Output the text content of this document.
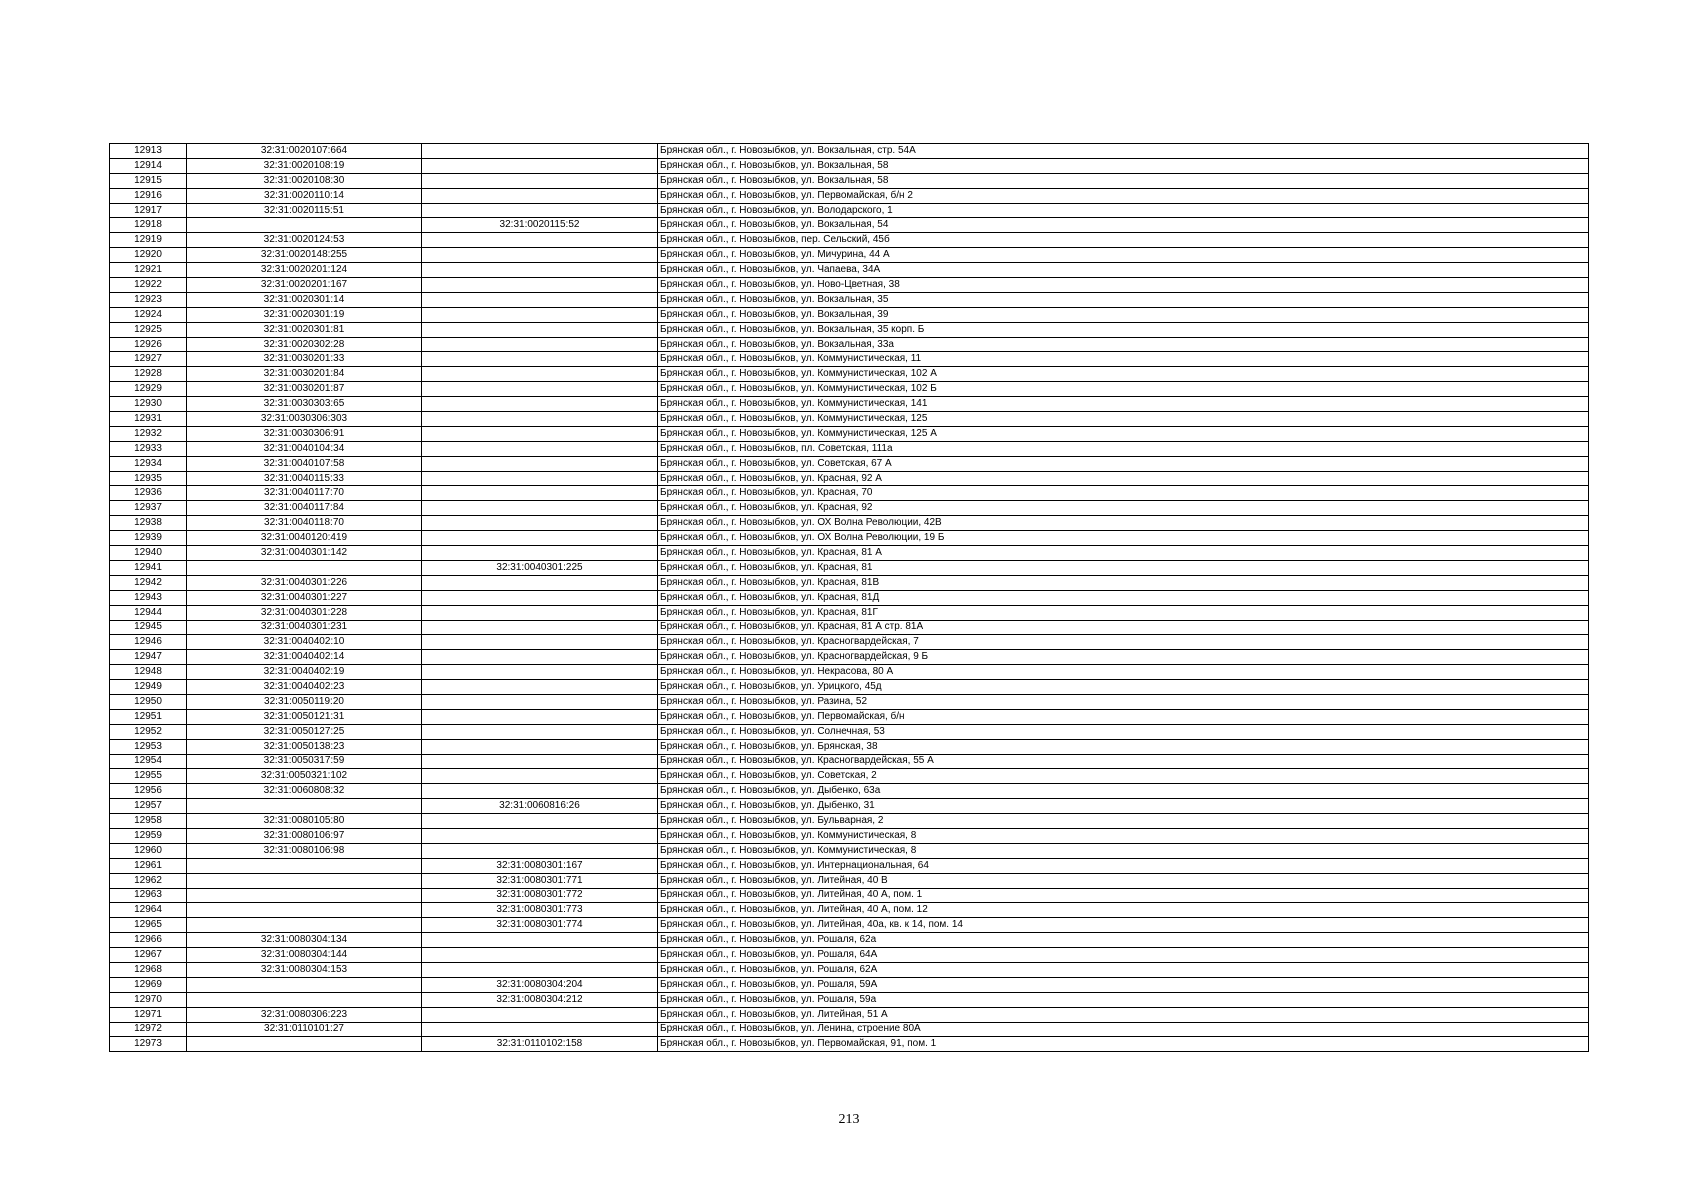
12913	32:31:0020107:664		Брянская обл., г. Новозыбков, ул. Вокзальная, стр. 54А
12914	32:31:0020108:19		Брянская обл., г. Новозыбков, ул. Вокзальная, 58
12915	32:31:0020108:30		Брянская обл., г. Новозыбков, ул. Вокзальная, 58
12916	32:31:0020110:14		Брянская обл., г. Новозыбков, ул. Первомайская, б/н 2
12917	32:31:0020115:51		Брянская обл., г. Новозыбков, ул. Володарского, 1
12918		32:31:0020115:52	Брянская обл., г. Новозыбков, ул. Вокзальная, 54
12919	32:31:0020124:53		Брянская обл., г. Новозыбков, пер. Сельский, 45б
12920	32:31:0020148:255		Брянская обл., г. Новозыбков, ул. Мичурина, 44 А
12921	32:31:0020201:124		Брянская обл., г. Новозыбков, ул. Чапаева, 34А
12922	32:31:0020201:167		Брянская обл., г. Новозыбков, ул. Ново-Цветная, 38
12923	32:31:0020301:14		Брянская обл., г. Новозыбков, ул. Вокзальная, 35
12924	32:31:0020301:19		Брянская обл., г. Новозыбков, ул. Вокзальная, 39
12925	32:31:0020301:81		Брянская обл., г. Новозыбков, ул. Вокзальная, 35 корп. Б
12926	32:31:0020302:28		Брянская обл., г. Новозыбков, ул. Вокзальная, 33а
12927	32:31:0030201:33		Брянская обл., г. Новозыбков, ул. Коммунистическая, 11
12928	32:31:0030201:84		Брянская обл., г. Новозыбков, ул. Коммунистическая, 102 А
12929	32:31:0030201:87		Брянская обл., г. Новозыбков, ул. Коммунистическая, 102 Б
12930	32:31:0030303:65		Брянская обл., г. Новозыбков, ул. Коммунистическая, 141
12931	32:31:0030306:303		Брянская обл., г. Новозыбков, ул. Коммунистическая, 125
12932	32:31:0030306:91		Брянская обл., г. Новозыбков, ул. Коммунистическая, 125 А
12933	32:31:0040104:34		Брянская обл., г. Новозыбков, пл. Советская, 111а
12934	32:31:0040107:58		Брянская обл., г. Новозыбков, ул. Советская, 67 А
12935	32:31:0040115:33		Брянская обл., г. Новозыбков, ул. Красная, 92 А
12936	32:31:0040117:70		Брянская обл., г. Новозыбков, ул. Красная, 70
12937	32:31:0040117:84		Брянская обл., г. Новозыбков, ул. Красная, 92
12938	32:31:0040118:70		Брянская обл., г. Новозыбков, ул. ОХ Волна Революции, 42В
12939	32:31:0040120:419		Брянская обл., г. Новозыбков, ул. ОХ Волна Революции, 19 Б
12940	32:31:0040301:142		Брянская обл., г. Новозыбков, ул. Красная, 81 А
12941		32:31:0040301:225	Брянская обл., г. Новозыбков, ул. Красная, 81
12942	32:31:0040301:226		Брянская обл., г. Новозыбков, ул. Красная, 81В
12943	32:31:0040301:227		Брянская обл., г. Новозыбков, ул. Красная, 81Д
12944	32:31:0040301:228		Брянская обл., г. Новозыбков, ул. Красная, 81Г
12945	32:31:0040301:231		Брянская обл., г. Новозыбков, ул. Красная, 81 А стр. 81А
12946	32:31:0040402:10		Брянская обл., г. Новозыбков, ул. Красногвардейская, 7
12947	32:31:0040402:14		Брянская обл., г. Новозыбков, ул. Красногвардейская, 9 Б
12948	32:31:0040402:19		Брянская обл., г. Новозыбков, ул. Некрасова, 80 А
12949	32:31:0040402:23		Брянская обл., г. Новозыбков, ул. Урицкого, 45д
12950	32:31:0050119:20		Брянская обл., г. Новозыбков, ул. Разина, 52
12951	32:31:0050121:31		Брянская обл., г. Новозыбков, ул. Первомайская, б/н
12952	32:31:0050127:25		Брянская обл., г. Новозыбков, ул. Солнечная, 53
12953	32:31:0050138:23		Брянская обл., г. Новозыбков, ул. Брянская, 38
12954	32:31:0050317:59		Брянская обл., г. Новозыбков, ул. Красногвардейская, 55 А
12955	32:31:0050321:102		Брянская обл., г. Новозыбков, ул. Советская, 2
12956	32:31:0060808:32		Брянская обл., г. Новозыбков, ул. Дыбенко, 63а
12957		32:31:0060816:26	Брянская обл., г. Новозыбков, ул. Дыбенко, 31
12958	32:31:0080105:80		Брянская обл., г. Новозыбков, ул. Бульварная, 2
12959	32:31:0080106:97		Брянская обл., г. Новозыбков, ул. Коммунистическая, 8
12960	32:31:0080106:98		Брянская обл., г. Новозыбков, ул. Коммунистическая, 8
12961		32:31:0080301:167	Брянская обл., г. Новозыбков, ул. Интернациональная, 64
12962		32:31:0080301:771	Брянская обл., г. Новозыбков, ул. Литейная, 40 В
12963		32:31:0080301:772	Брянская обл., г. Новозыбков, ул. Литейная, 40 А, пом. 1
12964		32:31:0080301:773	Брянская обл., г. Новозыбков, ул. Литейная, 40 А, пом. 12
12965		32:31:0080301:774	Брянская обл., г. Новозыбков, ул. Литейная, 40а, кв. к 14, пом. 14
12966	32:31:0080304:134		Брянская обл., г. Новозыбков, ул. Рошаля, 62а
12967	32:31:0080304:144		Брянская обл., г. Новозыбков, ул. Рошаля, 64А
12968	32:31:0080304:153		Брянская обл., г. Новозыбков, ул. Рошаля, 62А
12969		32:31:0080304:204	Брянская обл., г. Новозыбков, ул. Рошаля, 59А
12970		32:31:0080304:212	Брянская обл., г. Новозыбков, ул. Рошаля, 59а
12971	32:31:0080306:223		Брянская обл., г. Новозыбков, ул. Литейная, 51 А
12972	32:31:0110101:27		Брянская обл., г. Новозыбков, ул. Ленина, строение 80А
12973		32:31:0110102:158	Брянская обл., г. Новозыбков, ул. Первомайская, 91, пом. 1
213
